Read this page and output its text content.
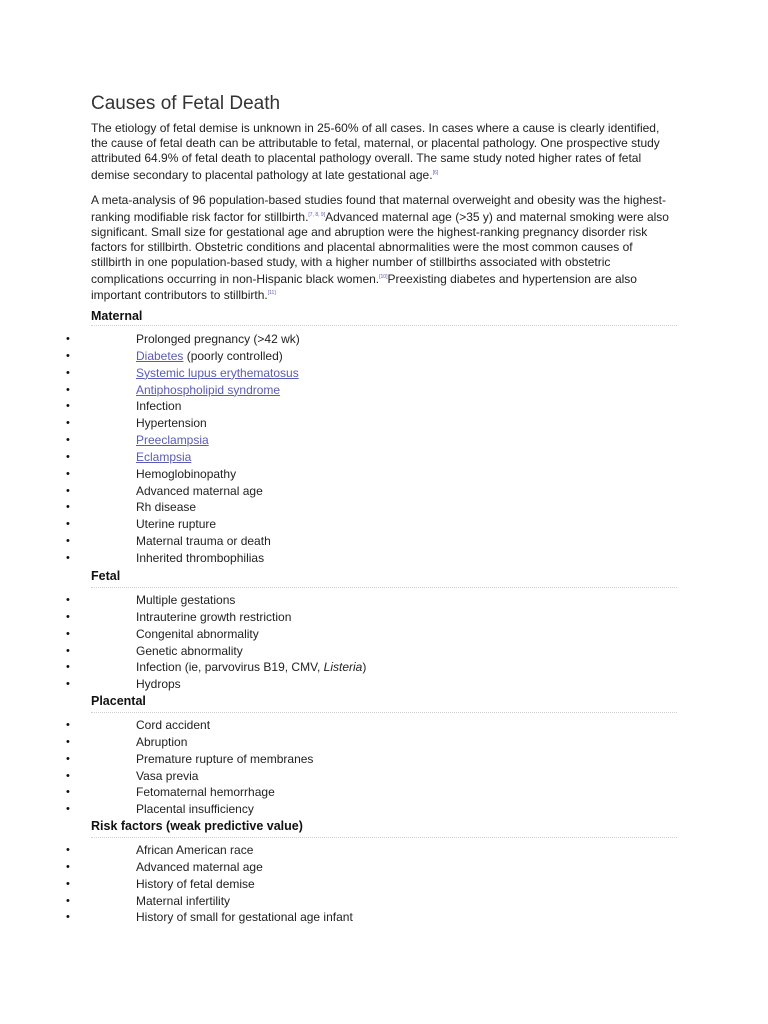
Causes of Fetal Death

The etiology of fetal demise is unknown in 25-60% of all cases. In cases where a cause is clearly identified, the cause of fetal death can be attributable to fetal, maternal, or placental pathology. One prospective study attributed 64.9% of fetal death to placental pathology overall. The same study noted higher rates of fetal demise secondary to placental pathology at late gestational age.[6]

A meta-analysis of 96 population-based studies found that maternal overweight and obesity was the highest-ranking modifiable risk factor for stillbirth.[7, 8, 9]Advanced maternal age (>35 y) and maternal smoking were also significant. Small size for gestational age and abruption were the highest-ranking pregnancy disorder risk factors for stillbirth. Obstetric conditions and placental abnormalities were the most common causes of stillbirth in one population-based study, with a higher number of stillbirths associated with obstetric complications occurring in non-Hispanic black women.[10]Preexisting diabetes and hypertension are also important contributors to stillbirth.[11]

Maternal
•	Prolonged pregnancy (>42 wk)
•	Diabetes (poorly controlled)
•	Systemic lupus erythematosus
•	Antiphospholipid syndrome
•	Infection
•	Hypertension
•	Preeclampsia
•	Eclampsia
•	Hemoglobinopathy
•	Advanced maternal age
•	Rh disease
•	Uterine rupture
•	Maternal trauma or death
•	Inherited thrombophilias
Fetal
•	Multiple gestations
•	Intrauterine growth restriction
•	Congenital abnormality
•	Genetic abnormality
•	Infection (ie, parvovirus B19, CMV, Listeria)
•	Hydrops
Placental
•	Cord accident
•	Abruption
•	Premature rupture of membranes
•	Vasa previa
•	Fetomaternal hemorrhage
•	Placental insufficiency
Risk factors (weak predictive value)
•	African American race
•	Advanced maternal age
•	History of fetal demise
•	Maternal infertility
•	History of small for gestational age infant
